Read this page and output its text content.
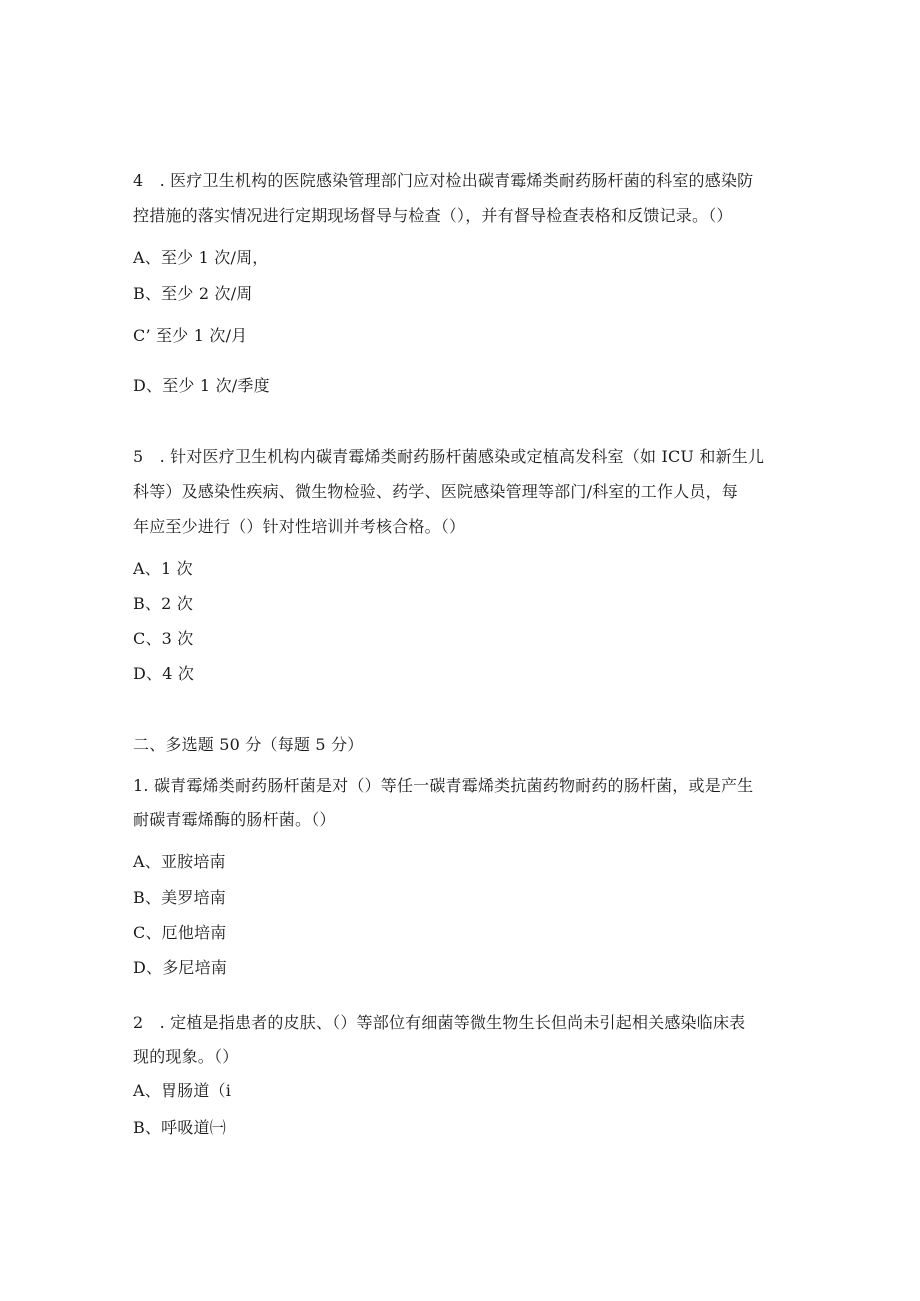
4　. 医疗卫生机构的医院感染管理部门应对检出碳青霉烯类耐药肠杆菌的科室的感染防
控措施的落实情况进行定期现场督导与检查（），并有督导检查表格和反馈记录。（）
A、至少 1 次/周，
B、至少 2 次/周
C’ 至少 1 次/月
D、至少 1 次/季度
5　. 针对医疗卫生机构内碳青霉烯类耐药肠杆菌感染或定植高发科室（如 ICU 和新生儿
科等）及感染性疾病、微生物检验、药学、医院感染管理等部门/科室的工作人员，每
年应至少进行（）针对性培训并考核合格。（）
A、1 次
B、2 次
C、3 次
D、4 次
二、多选题 50 分（每题 5 分）
1. 碳青霉烯类耐药肠杆菌是对（）等任一碳青霉烯类抗菌药物耐药的肠杆菌，或是产生
耐碳青霉烯酶的肠杆菌。（）
A、亚胺培南
B、美罗培南
C、厄他培南
D、多尼培南
2　. 定植是指患者的皮肤、（）等部位有细菌等微生物生长但尚未引起相关感染临床表
现的现象。（）
A、胃肠道（i
B、呼吸道㈠
